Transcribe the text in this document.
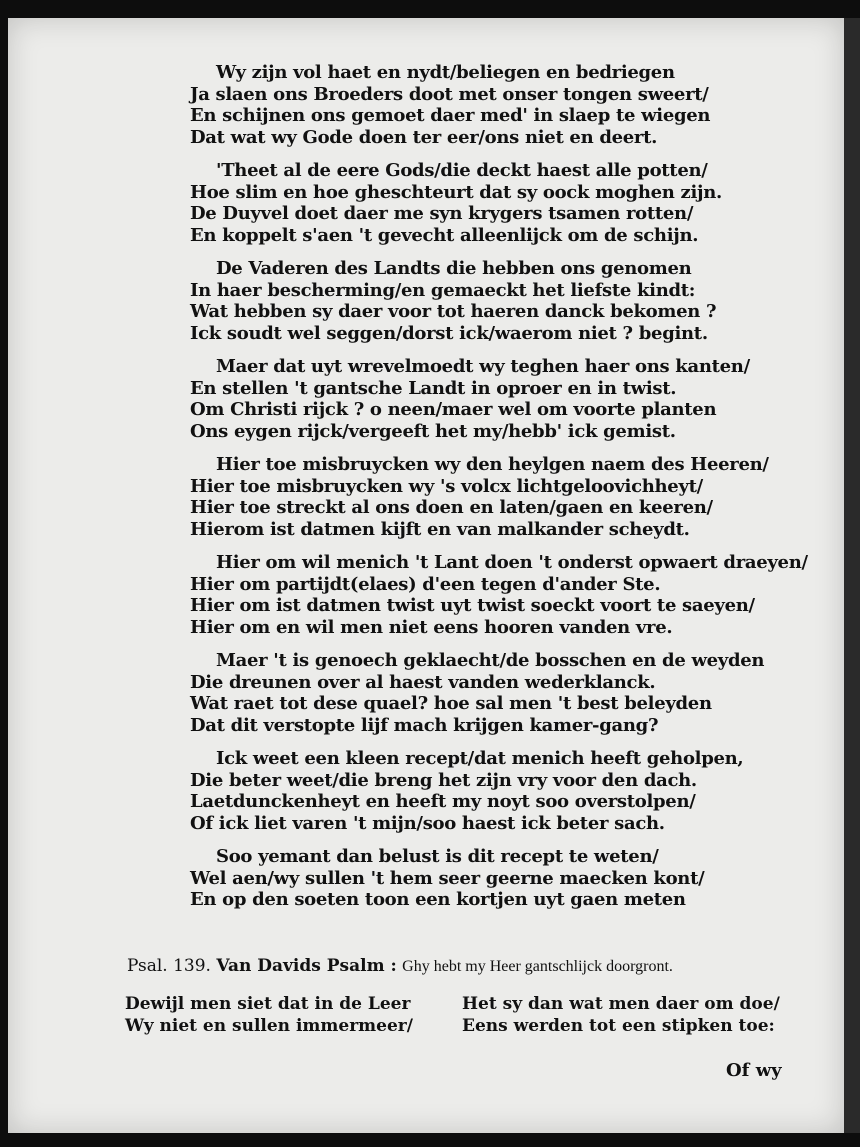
Wy zijn vol haet en nydt/beliegen en bedriegen
Ja slaen ons Broeders doot met onser tongen sweert/
En schijnen ons gemoet daer med' in slaep te wiegen
Dat wat wy Gode doen ter eer/ons niet en deert.
'Theet al de eere Gods/die deckt haest alle potten/
Hoe slim en hoe gheschteurt dat sy oock moghen zijn.
De Duyvel doet daer me syn krygers tsamen rotten/
En koppelt s'aen 't gevecht alleenlijck om de schijn.
De Vaderen des Landts die hebben ons genomen
In haer bescherming/en gemaeckt het liefste kindt:
Wat hebben sy daer voor tot haeren danck bekomen ?
Ick soudt wel seggen/dorst ick/waerom niet ? begint.
Maer dat uyt wrevelmoedt wy teghen haer ons kanten/
En stellen 't gantsche Landt in oproer en in twist.
Om Christi rijck ? o neen/maer wel om voorte planten
Ons eygen rijck/vergeeft het my/hebb' ick gemist.
Hier toe misbruycken wy den heylgen naem des Heeren/
Hier toe misbruycken wy 's volcx lichtgeloovichheyt/
Hier toe streckt al ons doen en laten/gaen en keeren/
Hierom ist datmen kijft en van malkander scheydt.
Hier om wil menich 't Lant doen 't onderst opwaert draeyen/
Hier om partijdt(elaes) d'een tegen d'ander Ste.
Hier om ist datmen twist uyt twist soeckt voort te saeyen/
Hier om en wil men niet eens hooren vanden vre.
Maer 't is genoech geklaecht/de bosschen en de weyden
Die dreunen over al haest vanden wederklanck.
Wat raet tot dese quael? hoe sal men 't best beleyden
Dat dit verstopte lijf mach krijgen kamer-gang?
Ick weet een kleen recept/dat menich heeft geholpen,
Die beter weet/die breng het zijn vry voor den dach.
Laetdunckenheyt en heeft my noyt soo overstolpen/
Of ick liet varen 't mijn/soo haest ick beter sach.
Soo yemant dan belust is dit recept te weten/
Wel aen/wy sullen 't hem seer geerne maecken kont/
En op den soeten toon een kortjen uyt gaen meten
Psal. 139. Van Davids Psalm : Ghy hebt my Heer gantschlijck doorgront.
Dewijl men siet dat in de Leer
Wy niet en sullen immermeer/
Het sy dan wat men daer om doe/
Eens werden tot een stipken toe:
Of wy
